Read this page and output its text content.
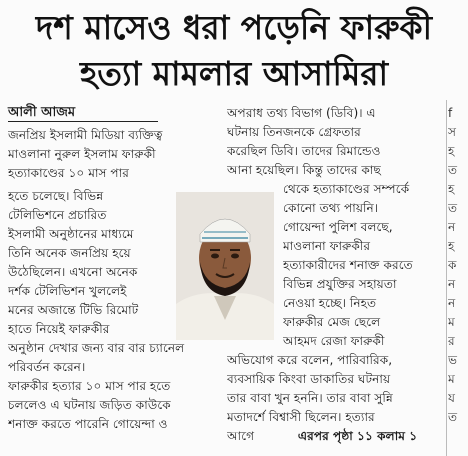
দশ মাসেও ধরা পড়েনি ফারুকী
হত্যা মামলার আসামিরা
আলী আজম

জনপ্রিয় ইসলামী মিডিয়া ব্যক্তিত্ব

মাওলানা নুরুল ইসলাম ফারুকী

হত্যাকাণ্ডের ১০ মাস পার

হতে চলেছে। বিভিন্ন

টেলিভিশনে প্রচারিত

ইসলামী অনুষ্ঠানের মাধ্যমে

তিনি অনেক জনপ্রিয় হয়ে

উঠেছিলেন। এখনো অনেক

দর্শক টেলিভিশন খুললেই

মনের অজান্তে টিভি রিমোট

হাতে নিয়েই ফারুকীর

অনুষ্ঠান দেখার জন্য বার বার চ্যানেল

পরিবর্তন করেন।

ফারুকীর হত্যার ১০ মাস পার হতে

চললেও এ ঘটনায় জড়িত কাউকে

শনাক্ত করতে পারেনি গোয়েন্দা ও

অপরাধ তথ্য বিভাগ (ডিবি)। এ

ঘটনায় তিনজনকে গ্রেফতার

করেছিল ডিবি। তাদের রিমান্ডেও

আনা হয়েছিল। কিন্তু তাদের কাছ

থেকে হত্যাকাণ্ডের সম্পর্কে

কোনো তথ্য পায়নি।

গোয়েন্দা পুলিশ বলছে,

মাওলানা ফারুকীর

হত্যাকারীদের শনাক্ত করতে

বিভিন্ন প্রযুক্তির সহায়তা

নেওয়া হচ্ছে। নিহত

ফারুকীর মেজ ছেলে

আহমদ রেজা ফারুকী

অভিযোগ করে বলেন, পারিবারিক,

ব্যবসায়িক কিংবা ডাকাতির ঘটনায়

তার বাবা খুন হননি। তার বাবা সুন্নি

মতাদর্শে বিশ্বাসী ছিলেন। হত্যার

আগে	এরপর পৃষ্ঠা ১১ কলাম ১

f
স
হ
ত
হ
ত
ন
হ
ক
ন
ন
ম
র
ভ
ম
য
ত
